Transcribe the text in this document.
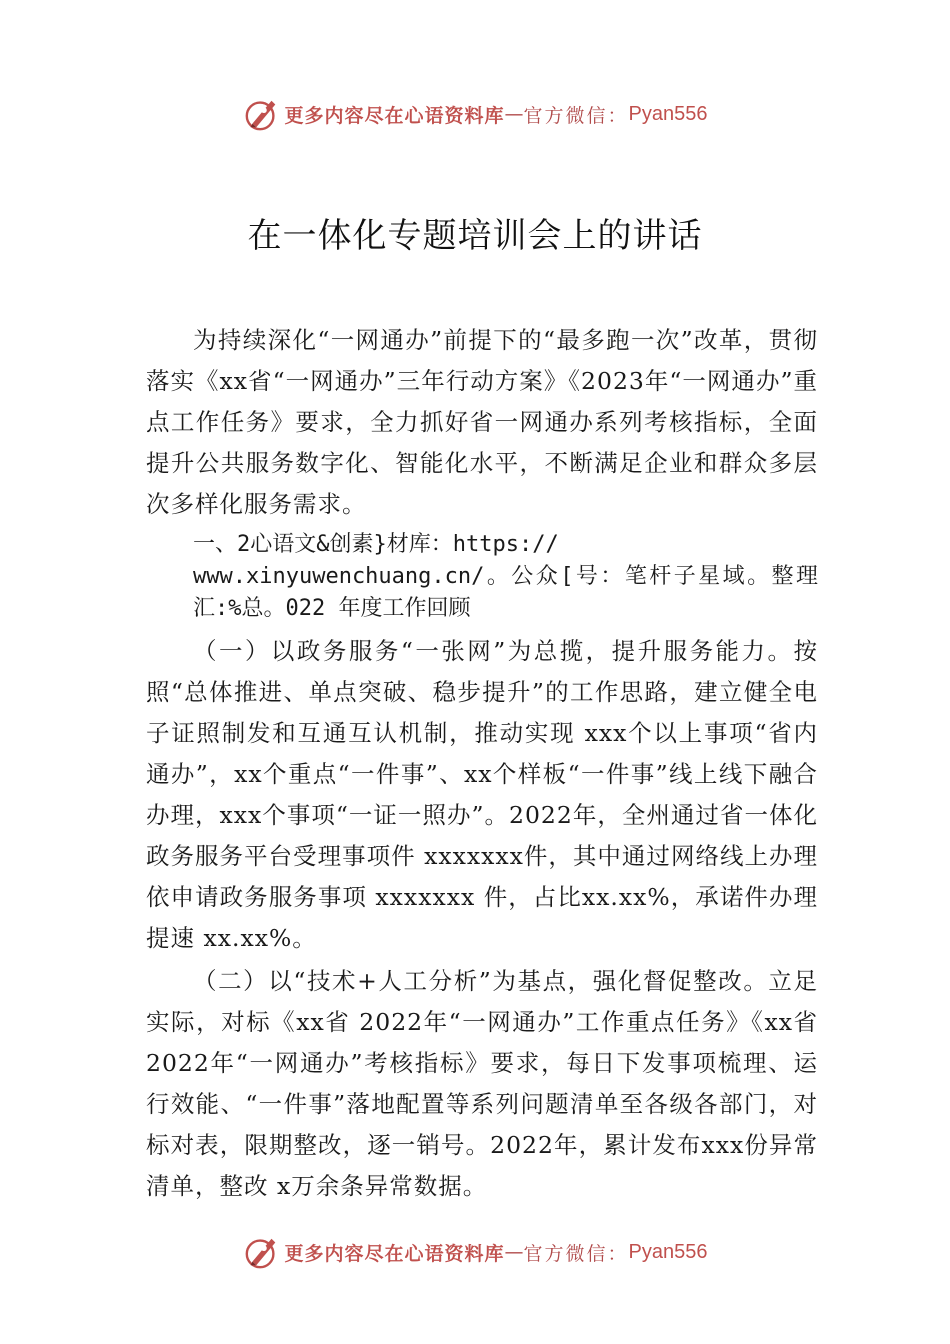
更多内容尽在心语资料库 — 官方微信： Pyan556
在一体化专题培训会上的讲话

为持续深化“一网通办”前提下的“最多跑一次”改革，贯彻落实《xx省“一网通办”三年行动方案》《2023年“一网通办”重点工作任务》要求，全力抓好省一网通办系列考核指标，全面提升公共服务数字化、智能化水平，不断满足企业和群众多层次多样化服务需求。

一、2心语文&创素}材库：https://
www.xinyuwenchuang.cn/。公众[号：笔杆子星域。整理汇:%总。022 年度工作回顾

（一）以政务服务“一张网”为总揽，提升服务能力。按照“总体推进、单点突破、稳步提升”的工作思路，建立健全电子证照制发和互通互认机制，推动实现 xxx个以上事项“省内通办”，xx个重点“一件事”、xx个样板“一件事”线上线下融合办理，xxx个事项“一证一照办”。2022年，全州通过省一体化政务服务平台受理事项件 xxxxxxx件，其中通过网络线上办理依申请政务服务事项 xxxxxxx 件，占比xx.xx%，承诺件办理提速 xx.xx%。

（二）以“技术+人工分析”为基点，强化督促整改。立足实际，对标《xx省 2022年“一网通办”工作重点任务》《xx省 2022年“一网通办”考核指标》要求，每日下发事项梳理、运行效能、“一件事”落地配置等系列问题清单至各级各部门，对标对表，限期整改，逐一销号。2022年，累计发布xxx份异常清单，整改 x万余条异常数据。

更多内容尽在心语资料库 — 官方微信： Pyan556
